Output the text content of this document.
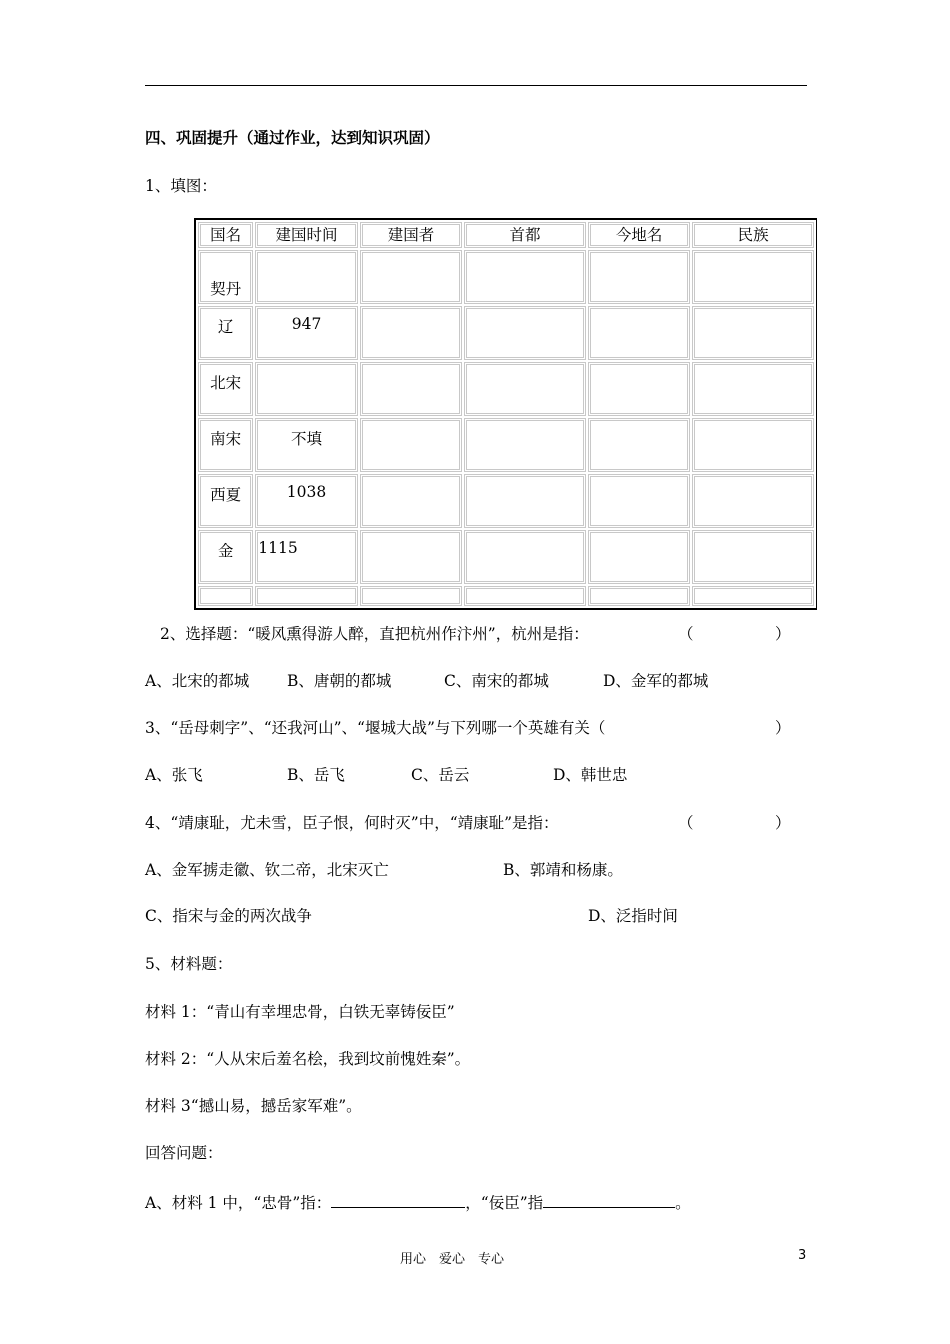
四、巩固提升（通过作业，达到知识巩固）
1、填图：
国名	建国时间	建国者	首都	今地名	民族

契丹					

辽	947				

北宋					

南宋	不填				

西夏	1038				

金	1115				

2、选择题：“暖风熏得游人醉，直把杭州作汴州”，杭州是指：	（	）
A、北宋的都城 B、唐朝的都城	C、南宋的都城	D、金军的都城
3、“岳母刺字”、“还我河山”、“堰城大战”与下列哪一个英雄有关（	）
A、张飞	B、岳飞	C、岳云	D、韩世忠
4、“靖康耻，尤未雪，臣子恨，何时灭”中，“靖康耻”是指：	（	）
A、金军掳走徽、钦二帝，北宋灭亡	B、郭靖和杨康。
C、指宋与金的两次战争	D、泛指时间
5、材料题：
材料 1：“青山有幸埋忠骨，白铁无辜铸佞臣”
材料 2：“人从宋后羞名桧，我到坟前愧姓秦”。
材料 3“撼山易，撼岳家军难”。
回答问题：
A、材料 1 中，“忠骨”指：	，“佞臣”指	。
用心　爱心　专心	3
